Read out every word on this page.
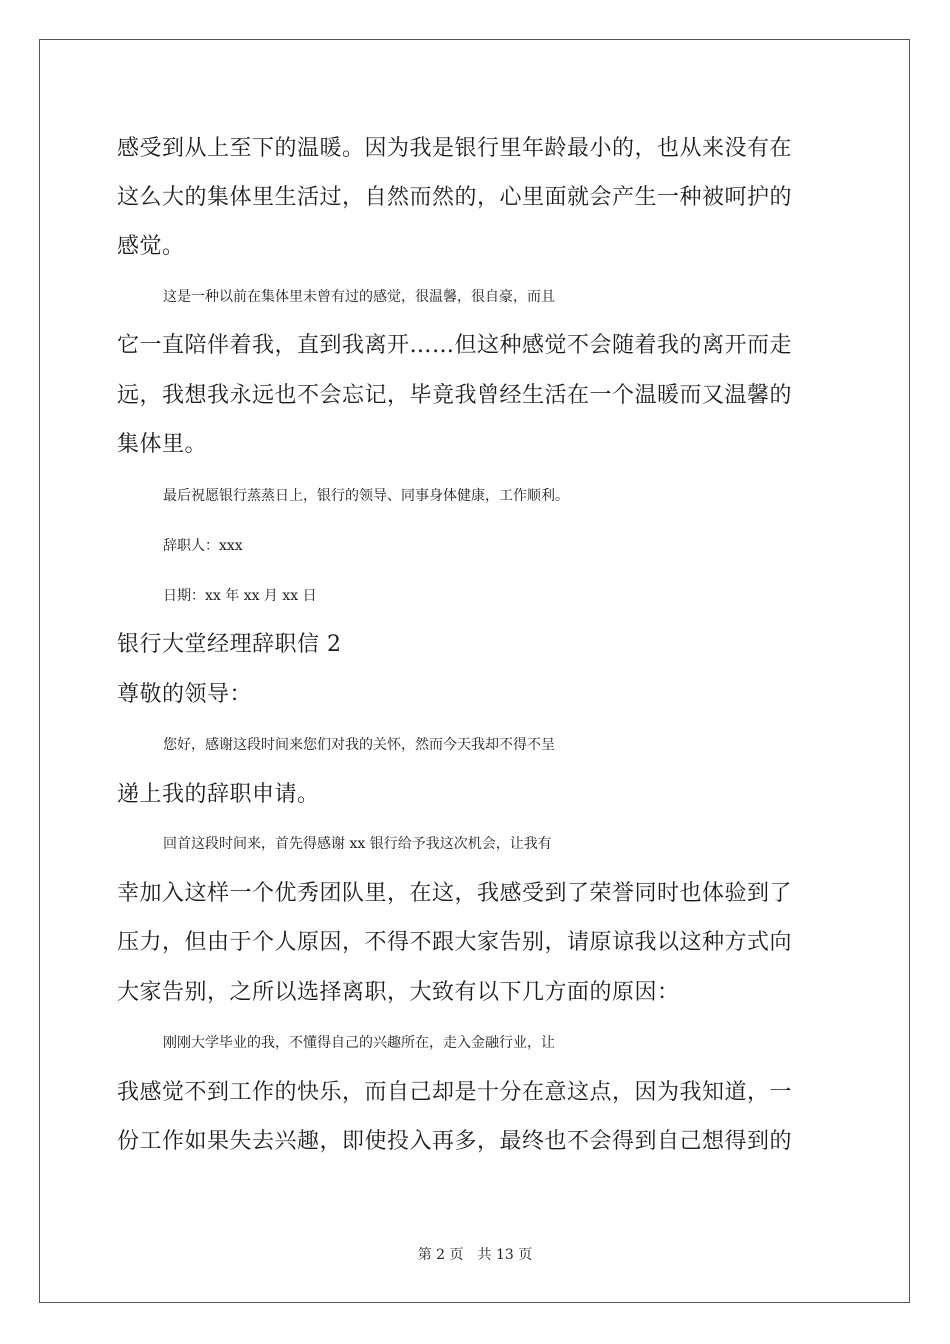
感受到从上至下的温暖。因为我是银行里年龄最小的，也从来没有在
这么大的集体里生活过，自然而然的，心里面就会产生一种被呵护的
感觉。
这是一种以前在集体里未曾有过的感觉，很温馨，很自豪，而且
它一直陪伴着我，直到我离开……但这种感觉不会随着我的离开而走
远，我想我永远也不会忘记，毕竟我曾经生活在一个温暖而又温馨的
集体里。
最后祝愿银行蒸蒸日上，银行的领导、同事身体健康，工作顺利。
辞职人：xxx
日期：xx 年 xx 月 xx 日
银行大堂经理辞职信 2
尊敬的领导：
您好，感谢这段时间来您们对我的关怀，然而今天我却不得不呈
递上我的辞职申请。
回首这段时间来，首先得感谢 xx 银行给予我这次机会，让我有
幸加入这样一个优秀团队里，在这，我感受到了荣誉同时也体验到了
压力，但由于个人原因，不得不跟大家告别，请原谅我以这种方式向
大家告别，之所以选择离职，大致有以下几方面的原因：
刚刚大学毕业的我，不懂得自己的兴趣所在，走入金融行业，让
我感觉不到工作的快乐，而自己却是十分在意这点，因为我知道，一
份工作如果失去兴趣，即使投入再多，最终也不会得到自己想得到的
第 2 页　共 13 页
